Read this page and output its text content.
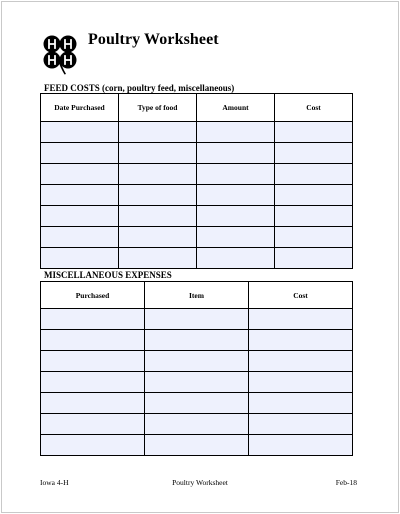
Poultry Worksheet
FEED COSTS (corn, poultry feed, miscellaneous)
Date Purchased	Type of food	Amount	Cost

MISCELLANEOUS EXPENSES
Purchased	Item	Cost

Iowa 4-H	Poultry Worksheet	Feb-18
